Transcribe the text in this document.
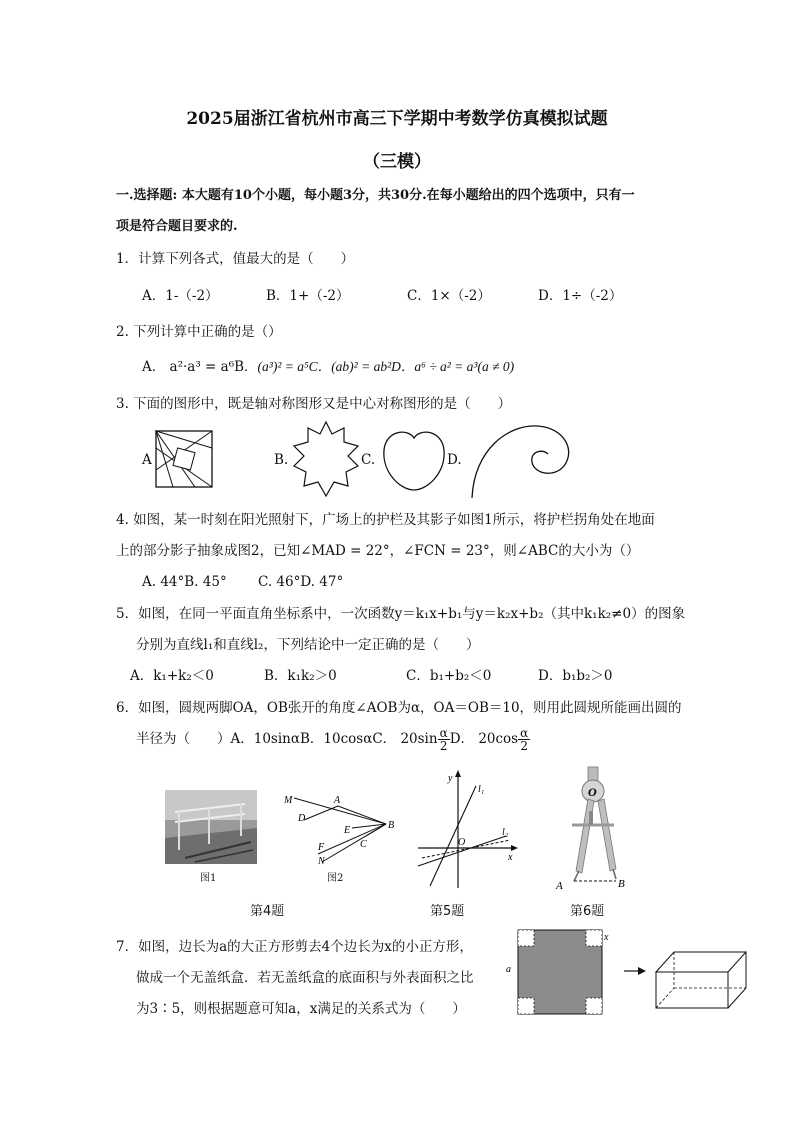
2025届浙江省杭州市高三下学期中考数学仿真模拟试题
（三模）
一.选择题: 本大题有10个小题，每小题3分，共30分.在每小题给出的四个选项中，只有一
项是符合题目要求的.
1．计算下列各式，值最大的是（　　）
A．1-（-2）	B．1+（-2）	C．1×（-2）	D．1÷（-2）
2. 下列计算中正确的是（）
A． a²·a³ = a⁶B．(a³)² = a⁵C．(ab)² = ab²D．a⁶ ÷ a² = a³(a ≠ 0)
3. 下面的图形中，既是轴对称图形又是中心对称图形的是（　　）
A	B.	C.	D.
4. 如图，某一时刻在阳光照射下，广场上的护栏及其影子如图1所示，将护栏拐角处在地面
上的部分影子抽象成图2，已知∠MAD = 22°，∠FCN = 23°，则∠ABC的大小为（）
A. 44°B. 45°　　 C. 46°D. 47°
5．如图，在同一平面直角坐标系中，一次函数y＝k₁x+b₁与y＝k₂x+b₂（其中k₁k₂≠0）的图象
分别为直线l₁和直线l₂，下列结论中一定正确的是（　　）
A．k₁+k₂＜0	B．k₁k₂＞0	C．b₁+b₂＜0	D．b₁b₂＞0
6．如图，圆规两脚OA，OB张开的角度∠AOB为α，OA＝OB＝10，则用此圆规所能画出圆的
半径为（　　）A．10sinαB．10cosαC． $20\sin \frac{\alpha}{2}$ D． $20\cos \frac{\alpha}{2}$
图1
M	A
D
E	B
F	C
N
图2
第4题
y
l₁
l₂
O
x
第5题
O
A	B
第6题
7．如图，边长为a的大正方形剪去4个边长为x的小正方形，
做成一个无盖纸盒．若无盖纸盒的底面积与外表面积之比
为3∶5，则根据题意可知a，x满足的关系式为（　　）
a
x
